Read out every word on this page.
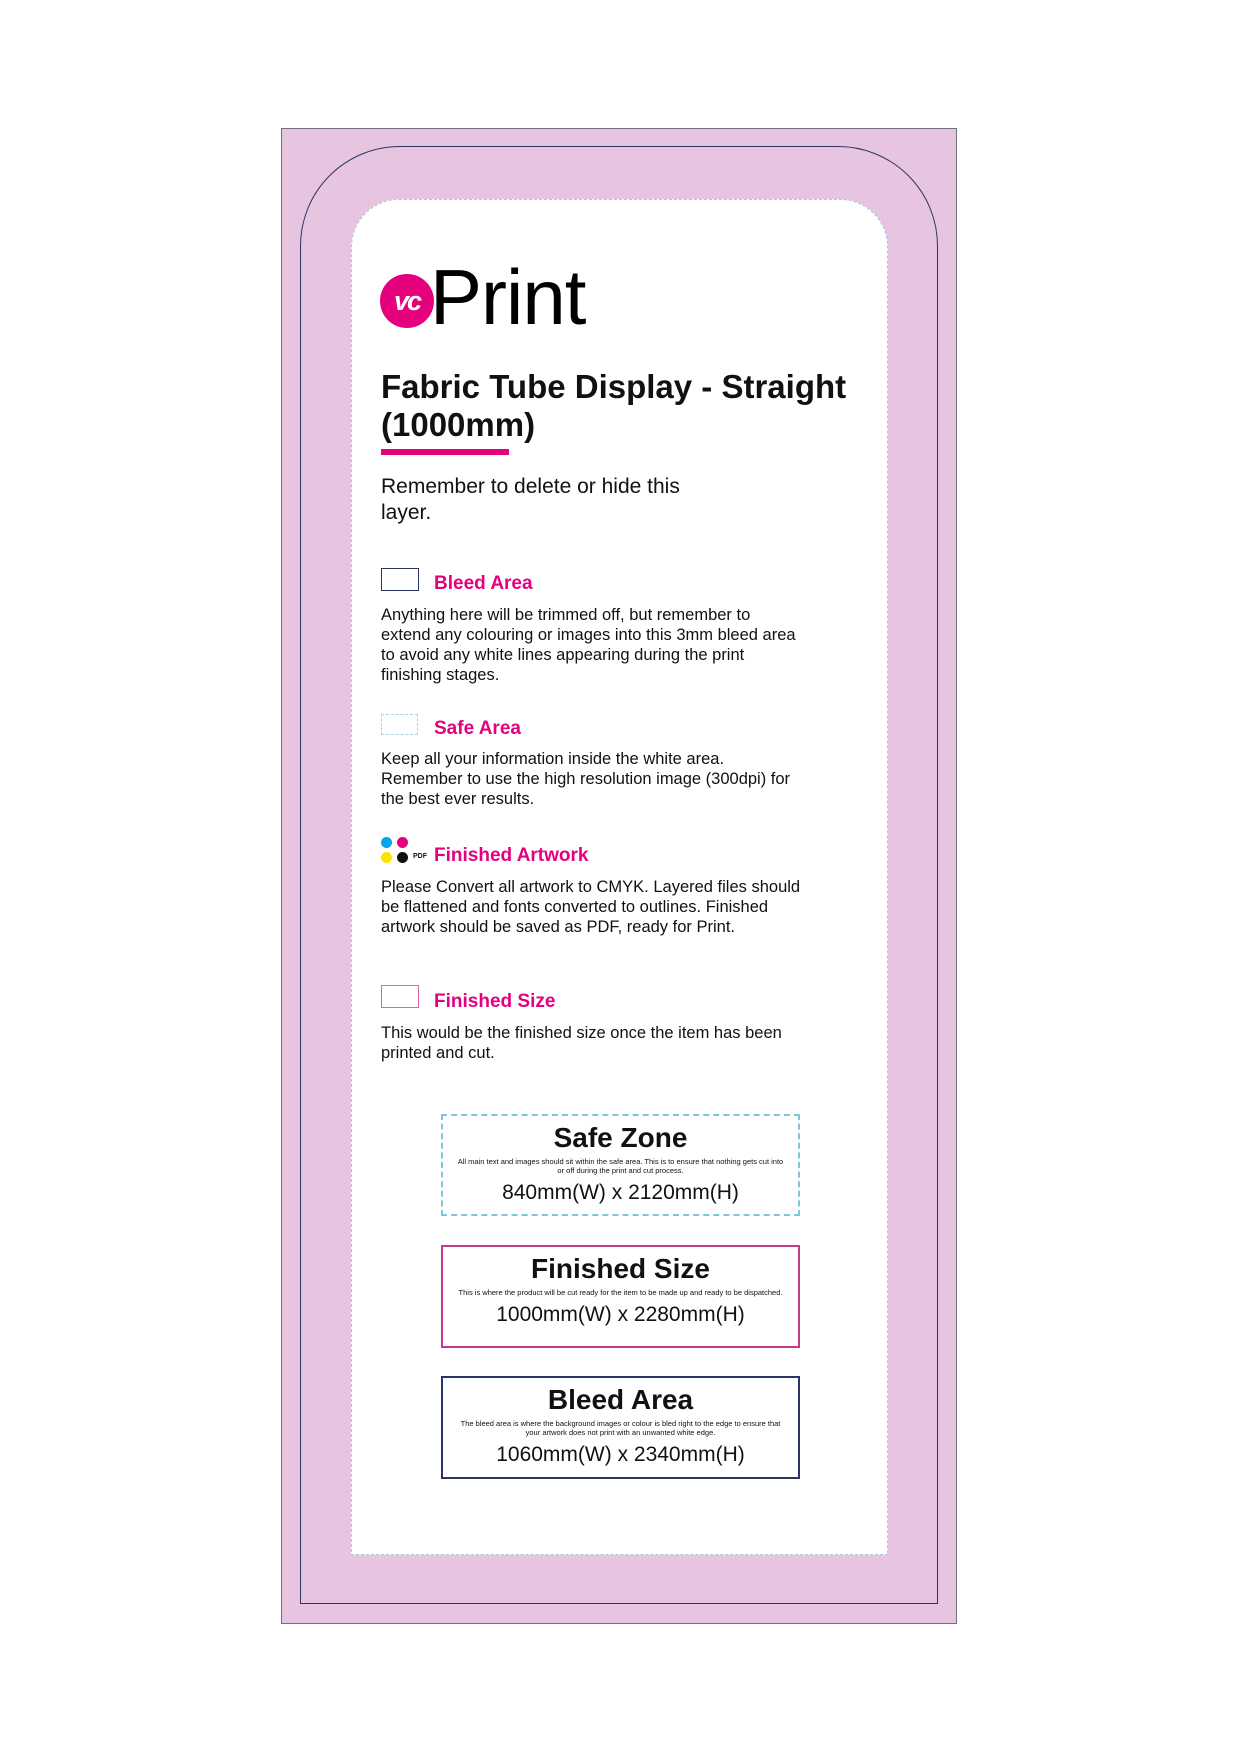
vc Print
Fabric Tube Display - Straight (1000mm)
Remember to delete or hide this layer.
Bleed Area
Anything here will be trimmed off, but remember to extend any colouring or images into this 3mm bleed area to avoid any white lines appearing during the print finishing stages.
Safe Area
Keep all your information inside the white area. Remember to use the high resolution image (300dpi) for the best ever results.
PDF Finished Artwork
Please Convert all artwork to CMYK. Layered files should be flattened and fonts converted to outlines. Finished artwork should be saved as PDF, ready for Print.
Finished Size
This would be the finished size once the item has been printed and cut.
Safe Zone
All main text and images should sit within the safe area. This is to ensure that nothing gets cut into or off during the print and cut process.
840mm(W) x 2120mm(H)
Finished Size
This is where the product will be cut ready for the item to be made up and ready to be dispatched.
1000mm(W) x 2280mm(H)
Bleed Area
The bleed area is where the background images or colour is bled right to the edge to ensure that your artwork does not print with an unwanted white edge.
1060mm(W) x 2340mm(H)
